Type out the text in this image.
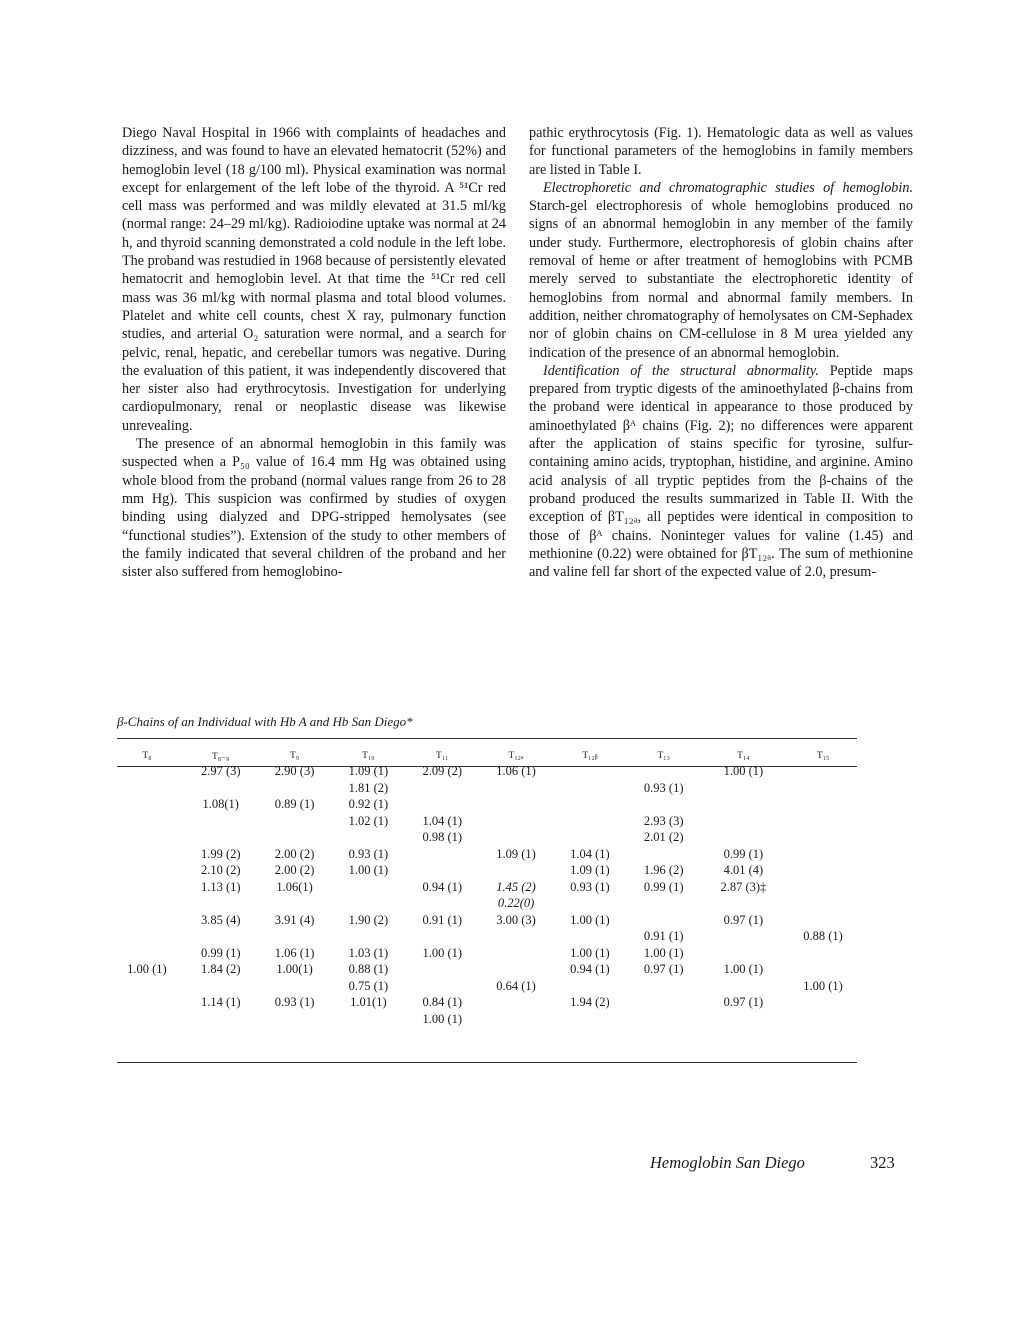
Diego Naval Hospital in 1966 with complaints of headaches and dizziness, and was found to have an elevated hematocrit (52%) and hemoglobin level (18 g/100 ml). Physical examination was normal except for enlargement of the left lobe of the thyroid. A ⁵¹Cr red cell mass was performed and was mildly elevated at 31.5 ml/kg (normal range: 24–29 ml/kg). Radioiodine uptake was normal at 24 h, and thyroid scanning demonstrated a cold nodule in the left lobe. The proband was restudied in 1968 because of persistently elevated hematocrit and hemoglobin level. At that time the ⁵¹Cr red cell mass was 36 ml/kg with normal plasma and total blood volumes. Platelet and white cell counts, chest X ray, pulmonary function studies, and arterial O₂ saturation were normal, and a search for pelvic, renal, hepatic, and cerebellar tumors was negative. During the evaluation of this patient, it was independently discovered that her sister also had erythrocytosis. Investigation for underlying cardiopulmonary, renal or neoplastic disease was likewise unrevealing.

The presence of an abnormal hemoglobin in this family was suspected when a P₅₀ value of 16.4 mm Hg was obtained using whole blood from the proband (normal values range from 26 to 28 mm Hg). This suspicion was confirmed by studies of oxygen binding using dialyzed and DPG-stripped hemolysates (see “functional studies”). Extension of the study to other members of the family indicated that several children of the proband and her sister also suffered from hemoglobino-

pathic erythrocytosis (Fig. 1). Hematologic data as well as values for functional parameters of the hemoglobins in family members are listed in Table I.

Electrophoretic and chromatographic studies of hemoglobin. Starch-gel electrophoresis of whole hemoglobins produced no signs of an abnormal hemoglobin in any member of the family under study. Furthermore, electrophoresis of globin chains after removal of heme or after treatment of hemoglobins with PCMB merely served to substantiate the electrophoretic identity of hemoglobins from normal and abnormal family members. In addition, neither chromatography of hemolysates on CM-Sephadex nor of globin chains on CM-cellulose in 8 M urea yielded any indication of the presence of an abnormal hemoglobin.

Identification of the structural abnormality. Peptide maps prepared from tryptic digests of the aminoethylated β-chains from the proband were identical in appearance to those produced by aminoethylated βᴬ chains (Fig. 2); no differences were apparent after the application of stains specific for tyrosine, sulfur-containing amino acids, tryptophan, histidine, and arginine. Amino acid analysis of all tryptic peptides from the β-chains of the proband produced the results summarized in Table II. With the exception of βT₁₂ₐ, all peptides were identical in composition to those of βᴬ chains. Noninteger values for valine (1.45) and methionine (0.22) were obtained for βT₁₂ₐ. The sum of methionine and valine fell far short of the expected value of 2.0, presum-

β-Chains of an Individual with Hb A and Hb San Diego*
T₈	T₈₋₉	T₉	T₁₀	T₁₁	T₁₂ₐ	T₁₂ᵦ	T₁₃	T₁₄	T₁₅
	2.97 (3)	2.90 (3)	1.09 (1)	2.09 (2)	1.06 (1)			1.00 (1)	
			1.81 (2)				0.93 (1)		
	1.08(1)	0.89 (1)	0.92 (1)						
			1.02 (1)	1.04 (1)			2.93 (3)		
				0.98 (1)			2.01 (2)		
	1.99 (2)	2.00 (2)	0.93 (1)		1.09 (1)	1.04 (1)		0.99 (1)	
	2.10 (2)	2.00 (2)	1.00 (1)			1.09 (1)	1.96 (2)	4.01 (4)	
	1.13 (1)	1.06(1)		0.94 (1)	1.45 (2)	0.93 (1)	0.99 (1)	2.87 (3)‡	
					0.22(0)				
	3.85 (4)	3.91 (4)	1.90 (2)	0.91 (1)	3.00 (3)	1.00 (1)		0.97 (1)	
							0.91 (1)		0.88 (1)
	0.99 (1)	1.06 (1)	1.03 (1)	1.00 (1)		1.00 (1)	1.00 (1)		
1.00 (1)	1.84 (2)	1.00(1)	0.88 (1)			0.94 (1)	0.97 (1)	1.00 (1)	
			0.75 (1)		0.64 (1)				1.00 (1)
	1.14 (1)	0.93 (1)	1.01(1)	0.84 (1)		1.94 (2)		0.97 (1)	
				1.00 (1)					
Hemoglobin San Diego	323
